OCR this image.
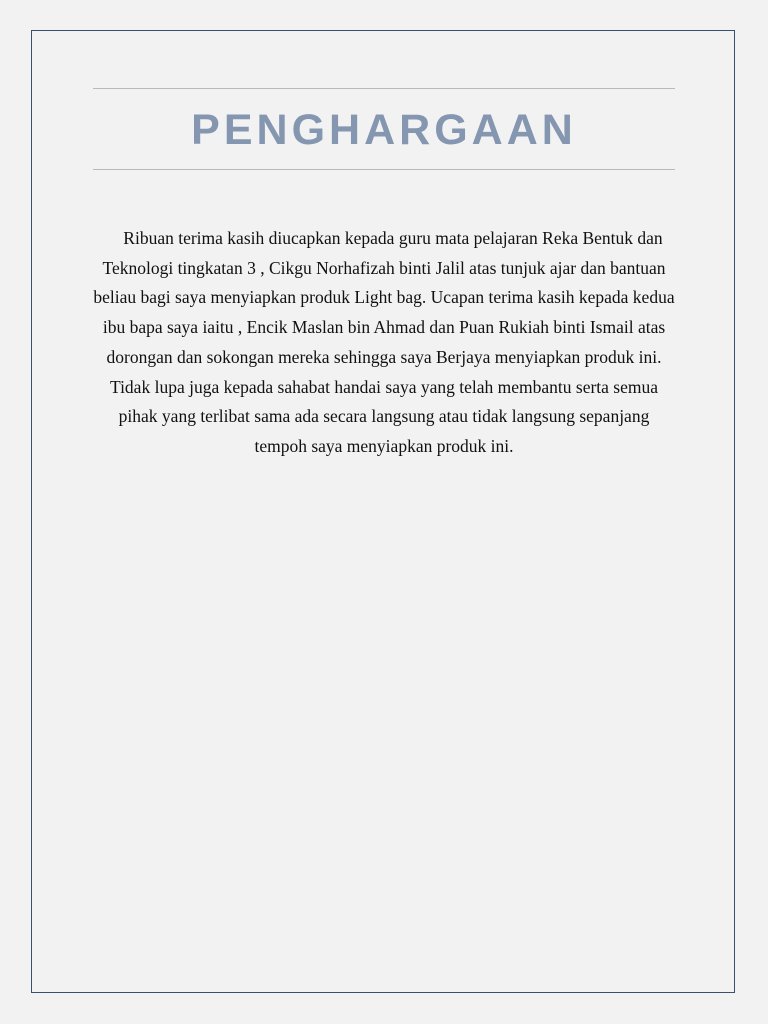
PENGHARGAAN

Ribuan terima kasih diucapkan kepada guru mata pelajaran Reka Bentuk dan Teknologi tingkatan 3 , Cikgu Norhafizah binti Jalil atas tunjuk ajar dan bantuan beliau bagi saya menyiapkan produk Light bag. Ucapan terima kasih kepada kedua ibu bapa saya iaitu , Encik Maslan bin Ahmad dan Puan Rukiah binti Ismail atas dorongan dan sokongan mereka sehingga saya Berjaya menyiapkan produk ini. Tidak lupa juga kepada sahabat handai saya yang telah membantu serta semua pihak yang terlibat sama ada secara langsung atau tidak langsung sepanjang tempoh saya menyiapkan produk ini.
